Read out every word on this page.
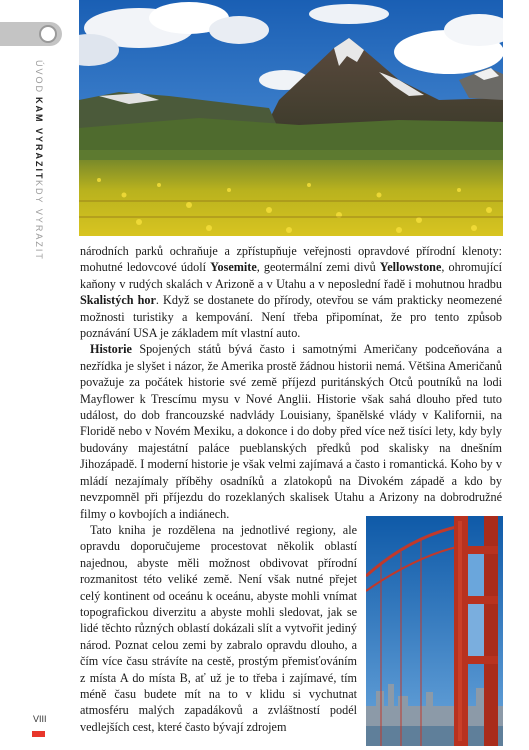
ÚVOD
KAM VYRAZIT
KDY VYRAZIT	národních parků ochraňuje a zpřístupňuje veřejnosti opravdové přírodní klenoty: mohutné ledovcové údolí Yosemite, geotermální zemi divů Yellowstone, ohromující kaňony v rudých skalách v Arizoně a v Utahu a v neposlední řadě i mohutnou hradbu Skalistých hor. Když se dostanete do přírody, otevřou se vám prakticky neomezené možnosti turistiky a kempování. Není třeba připomínat, že pro tento způsob poznávání USA je základem mít vlastní auto.

Historie Spojených států bývá často i samotnými Američany podceňována a nezřídka je slyšet i názor, že Amerika prostě žádnou historii nemá. Většina Američanů považuje za počátek historie své země příjezd puritánských Otců poutníků na lodi Mayflower k Trescímu mysu v Nové Anglii. Historie však sahá dlouho před tuto událost, do dob francouzské nadvlády Louisiany, španělské vlády v Kalifornii, na Floridě nebo v Novém Mexiku, a dokonce i do doby před více než tisíci lety, kdy byly budovány majestátní paláce pueblanských předků pod skalisky na dnešním Jihozápadě. I moderní historie je však velmi zajímavá a často i romantická. Koho by v mládí nezajímaly příběhy osadníků a zlatokopů na Divokém západě a kdo by nevzpomněl při příjezdu do rozeklaných skalisek Utahu a Arizony na dobrodružné filmy o kovbojích a indiánech.

Tato kniha je rozdělena na jednotlivé regiony, ale opravdu doporučujeme procestovat několik oblastí najednou, abyste měli možnost obdivovat přírodní rozmanitost této veliké země. Není však nutné přejet celý kontinent od oceánu k oceánu, abyste mohli vnímat topografickou diverzitu a abyste mohli sledovat, jak se lidé těchto různých oblastí dokázali slít a vytvořit jediný národ. Poznat celou zemi by zabralo opravdu dlouho, a čím více času strávíte na cestě, prostým přemisťováním z místa A do místa B, ať už je to třeba i zajímavé, tím méně času budete mít na to v klidu si vychutnat atmosféru malých zapadákovů a zvláštností podél vedlejších cest, které často bývají zdrojem

VIII
